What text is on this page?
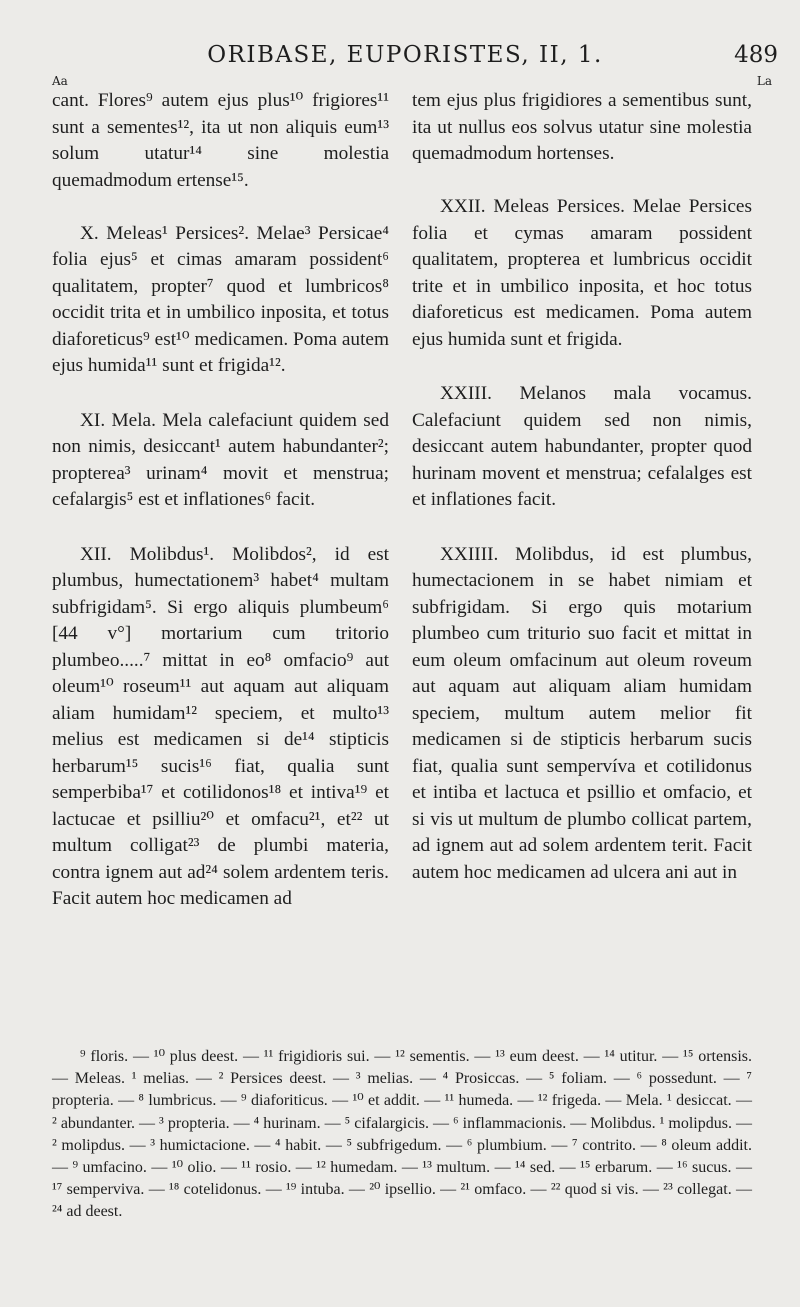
ORIBASE, EUPORISTES, II, 1.	489
Aa	La

cant. Flores⁹ autem ejus plus¹⁰ frigiores¹¹ sunt a sementes¹², ita ut non aliquis eum¹³ solum utatur¹⁴ sine molestia quemadmodum ertense¹⁵.

X. Meleas¹ Persices². Melae³ Persicae⁴ folia ejus⁵ et cimas amaram possident⁶ qualitatem, propter⁷ quod et lumbricos⁸ occidit trita et in umbilico inposita, et totus diaforeticus⁹ est¹⁰ medicamen. Poma autem ejus humida¹¹ sunt et frigida¹².

XI. Mela. Mela calefaciunt quidem sed non nimis, desiccant¹ autem habundanter²; propterea³ urinam⁴ movit et menstrua; cefalargis⁵ est et inflationes⁶ facit.

XII. Molibdus¹. Molibdos², id est plumbus, humectationem³ habet⁴ multam subfrigidam⁵. Si ergo aliquis plumbeum⁶ [44 v°] mortarium cum tritorio plumbeo.....⁷ mittat in eo⁸ omfacio⁹ aut oleum¹⁰ roseum¹¹ aut aquam aut aliquam aliam humidam¹² speciem, et multo¹³ melius est medicamen si de¹⁴ stipticis herbarum¹⁵ sucis¹⁶ fiat, qualia sunt semperbiba¹⁷ et cotilidonos¹⁸ et intiva¹⁹ et lactucae et psilliu²⁰ et omfacu²¹, et²² ut multum colligat²³ de plumbi materia, contra ignem aut ad²⁴ solem ardentem teris. Facit autem hoc medicamen ad

tem ejus plus frigidiores a sementibus sunt, ita ut nullus eos solvus utatur sine molestia quemadmodum hortenses.

XXII. Meleas Persices. Melae Persices folia et cymas amaram possident qualitatem, propterea et lumbricus occidit trite et in umbilico inposita, et hoc totus diaforeticus est medicamen. Poma autem ejus humida sunt et frigida.

XXIII. Melanos mala vocamus. Calefaciunt quidem sed non nimis, desiccant autem habundanter, propter quod hurinam movent et menstrua; cefalalges est et inflationes facit.

XXIIII. Molibdus, id est plumbus, humectacionem in se habet nimiam et subfrigidam. Si ergo quis motarium plumbeo cum triturio suo facit et mittat in eum oleum omfacinum aut oleum roveum aut aquam aut aliquam aliam humidam speciem, multum autem melior fit medicamen si de stipticis herbarum sucis fiat, qualia sunt sempervíva et cotilidonus et intiba et lactuca et psillio et omfacio, et si vis ut multum de plumbo collicat partem, ad ignem aut ad solem ardentem terit. Facit autem hoc medicamen ad ulcera ani aut in

⁹ floris. — ¹⁰ plus deest. — ¹¹ frigidioris sui. — ¹² sementis. — ¹³ eum deest. — ¹⁴ utitur. — ¹⁵ ortensis. — Meleas. ¹ melias. — ² Persices deest. — ³ melias. — ⁴ Prosiccas. — ⁵ foliam. — ⁶ possedunt. — ⁷ propteria. — ⁸ lumbricus. — ⁹ diaforiticus. — ¹⁰ et addit. — ¹¹ humeda. — ¹² frigeda. — Mela. ¹ desiccat. — ² abundanter. — ³ propteria. — ⁴ hurinam. — ⁵ cifalargicis. — ⁶ inflammacionis. — Molibdus. ¹ molipdus. — ² molipdus. — ³ humictacione. — ⁴ habit. — ⁵ subfrigedum. — ⁶ plumbium. — ⁷ contrito. — ⁸ oleum addit. — ⁹ umfacino. — ¹⁰ olio. — ¹¹ rosio. — ¹² humedam. — ¹³ multum. — ¹⁴ sed. — ¹⁵ erbarum. — ¹⁶ sucus. — ¹⁷ semperviva. — ¹⁸ cotelidonus. — ¹⁹ intuba. — ²⁰ ipsellio. — ²¹ omfaco. — ²² quod si vis. — ²³ collegat. — ²⁴ ad deest.
